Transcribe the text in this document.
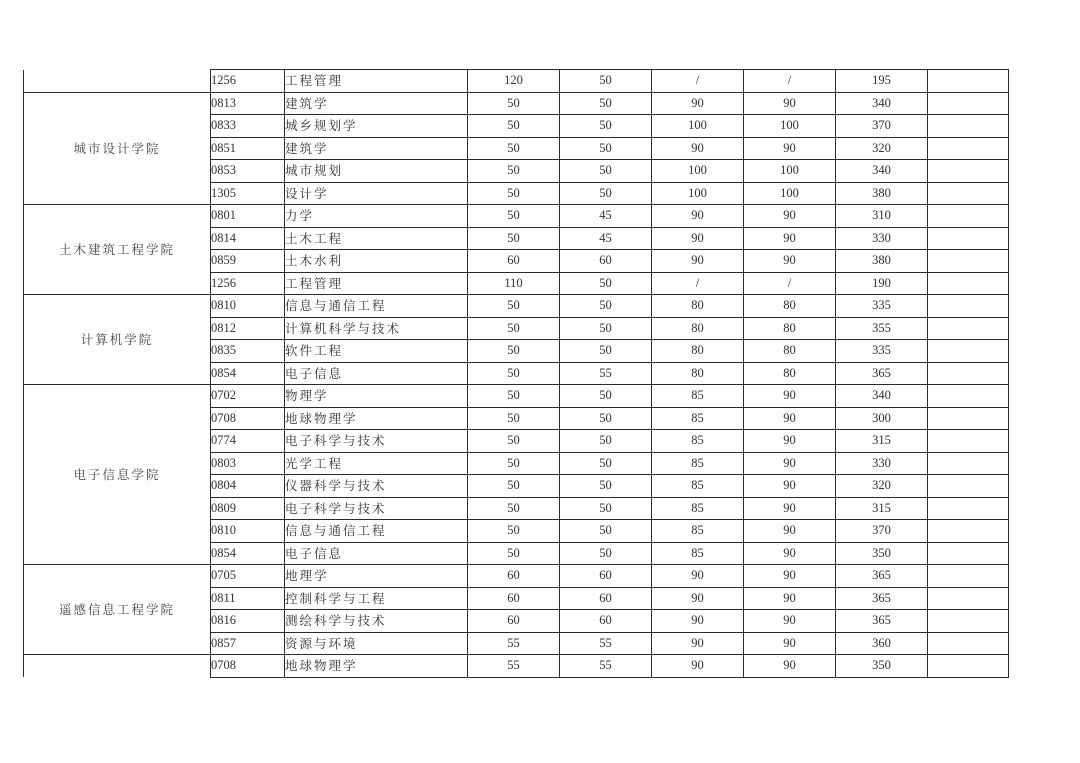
	1256	工程管理	120	50	/	/	195	
城市设计学院	0813	建筑学	50	50	90	90	340	
	0833	城乡规划学	50	50	100	100	370	
	0851	建筑学	50	50	90	90	320	
	0853	城市规划	50	50	100	100	340	
	1305	设计学	50	50	100	100	380	
土木建筑工程学院	0801	力学	50	45	90	90	310	
	0814	土木工程	50	45	90	90	330	
	0859	土木水利	60	60	90	90	380	
	1256	工程管理	110	50	/	/	190	
计算机学院	0810	信息与通信工程	50	50	80	80	335	
	0812	计算机科学与技术	50	50	80	80	355	
	0835	软件工程	50	50	80	80	335	
	0854	电子信息	50	55	80	80	365	
电子信息学院	0702	物理学	50	50	85	90	340	
	0708	地球物理学	50	50	85	90	300	
	0774	电子科学与技术	50	50	85	90	315	
	0803	光学工程	50	50	85	90	330	
	0804	仪器科学与技术	50	50	85	90	320	
	0809	电子科学与技术	50	50	85	90	315	
	0810	信息与通信工程	50	50	85	90	370	
	0854	电子信息	50	50	85	90	350	
遥感信息工程学院	0705	地理学	60	60	90	90	365	
	0811	控制科学与工程	60	60	90	90	365	
	0816	测绘科学与技术	60	60	90	90	365	
	0857	资源与环境	55	55	90	90	360	
	0708	地球物理学	55	55	90	90	350	
